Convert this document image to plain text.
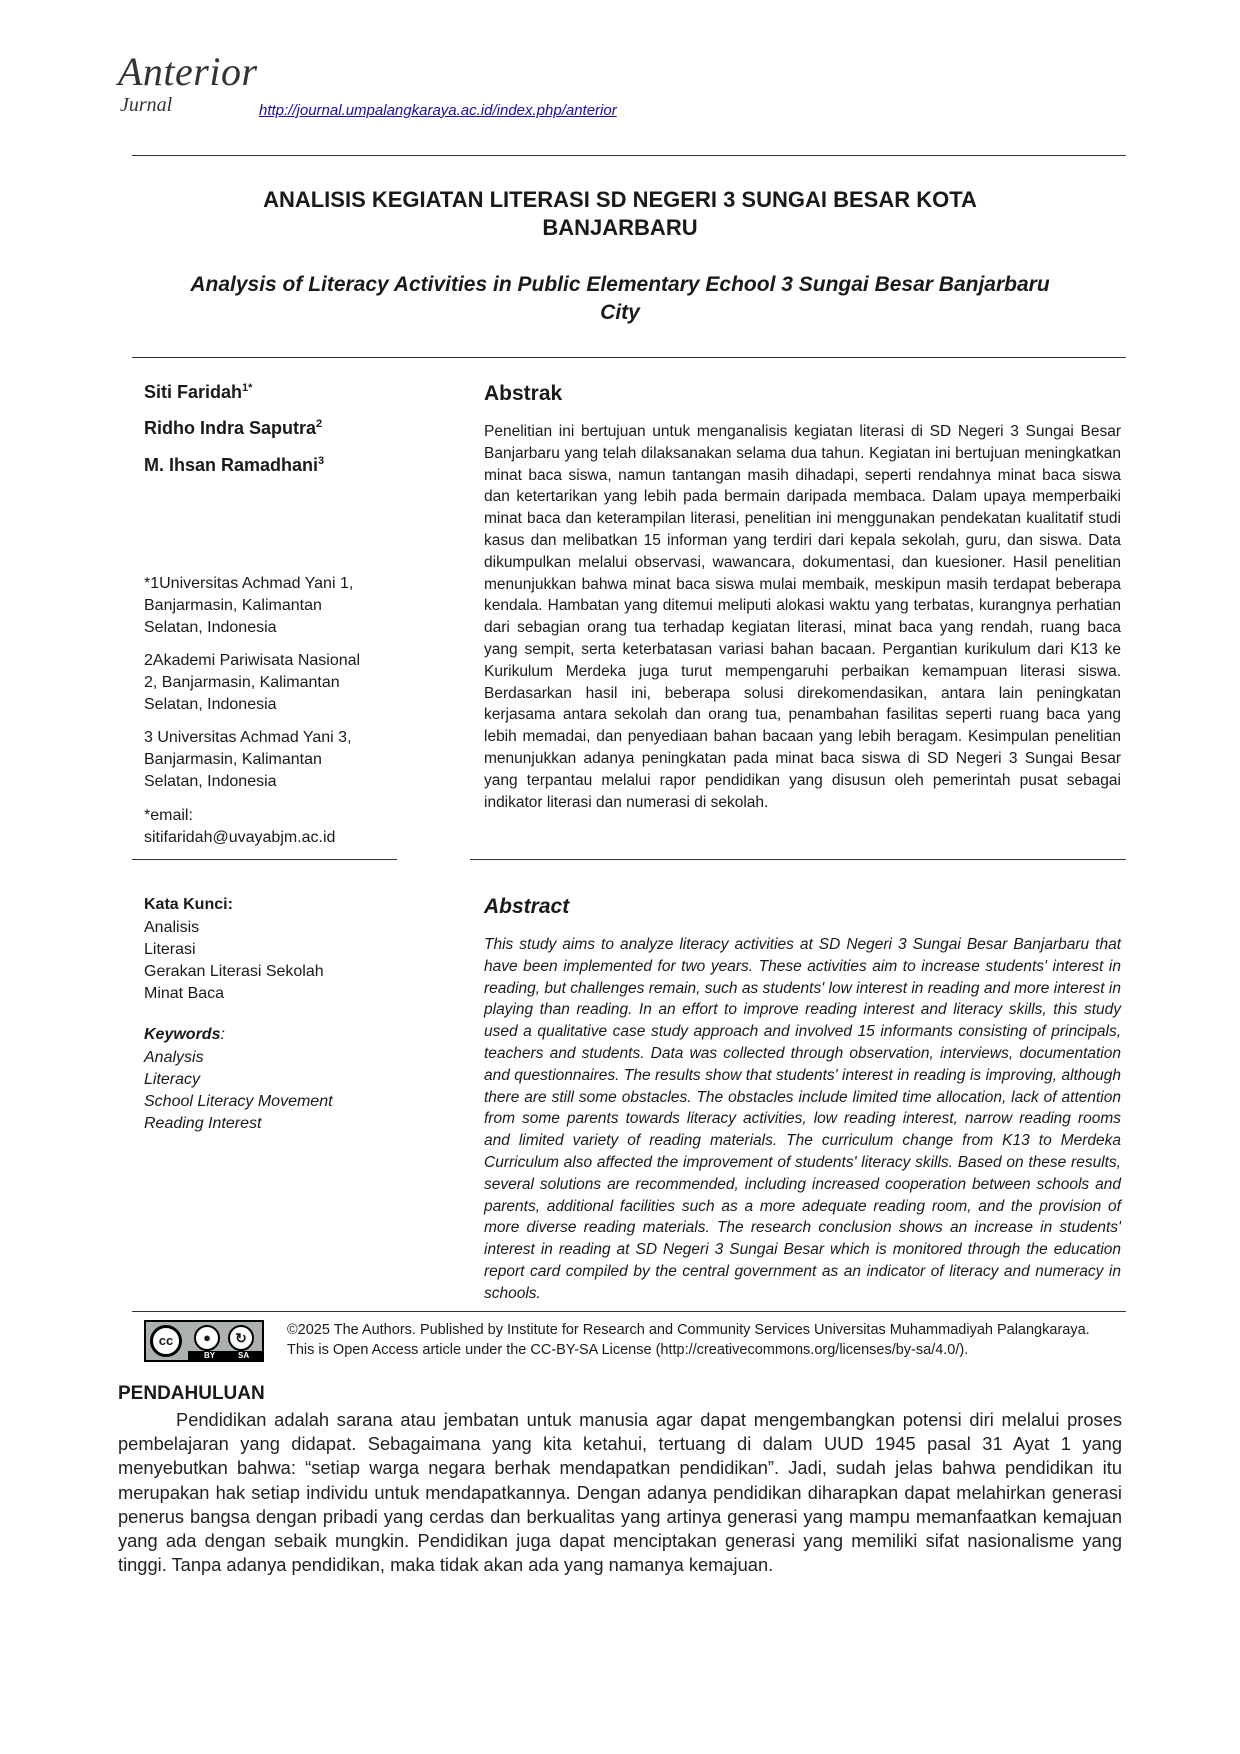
Anterior
Jurnal	http://journal.umpalangkaraya.ac.id/index.php/anterior
ANALISIS KEGIATAN LITERASI SD NEGERI 3 SUNGAI BESAR KOTA
BANJARBARU
Analysis of Literacy Activities in Public Elementary Echool 3 Sungai Besar Banjarbaru
City
Siti Faridah$^{1*}$
Ridho Indra Saputra$^2$
M. Ihsan Ramadhani$^3$
*1Universitas Achmad Yani 1,
Banjarmasin, Kalimantan
Selatan, Indonesia
2Akademi Pariwisata Nasional
2, Banjarmasin, Kalimantan
Selatan, Indonesia
3 Universitas Achmad Yani 3,
Banjarmasin, Kalimantan
Selatan, Indonesia
*email:
sitifaridah@uvayabjm.ac.id
Abstrak
Penelitian ini bertujuan untuk menganalisis kegiatan literasi di SD Negeri 3 Sungai Besar Banjarbaru yang telah dilaksanakan selama dua tahun. Kegiatan ini bertujuan meningkatkan minat baca siswa, namun tantangan masih dihadapi, seperti rendahnya minat baca siswa dan ketertarikan yang lebih pada bermain daripada membaca. Dalam upaya memperbaiki minat baca dan keterampilan literasi, penelitian ini menggunakan pendekatan kualitatif studi kasus dan melibatkan 15 informan yang terdiri dari kepala sekolah, guru, dan siswa. Data dikumpulkan melalui observasi, wawancara, dokumentasi, dan kuesioner. Hasil penelitian menunjukkan bahwa minat baca siswa mulai membaik, meskipun masih terdapat beberapa kendala. Hambatan yang ditemui meliputi alokasi waktu yang terbatas, kurangnya perhatian dari sebagian orang tua terhadap kegiatan literasi, minat baca yang rendah, ruang baca yang sempit, serta keterbatasan variasi bahan bacaan. Pergantian kurikulum dari K13 ke Kurikulum Merdeka juga turut mempengaruhi perbaikan kemampuan literasi siswa. Berdasarkan hasil ini, beberapa solusi direkomendasikan, antara lain peningkatan kerjasama antara sekolah dan orang tua, penambahan fasilitas seperti ruang baca yang lebih memadai, dan penyediaan bahan bacaan yang lebih beragam. Kesimpulan penelitian menunjukkan adanya peningkatan pada minat baca siswa di SD Negeri 3 Sungai Besar yang terpantau melalui rapor pendidikan yang disusun oleh pemerintah pusat sebagai indikator literasi dan numerasi di sekolah.
Abstract
This study aims to analyze literacy activities at SD Negeri 3 Sungai Besar Banjarbaru that have been implemented for two years. These activities aim to increase students' interest in reading, but challenges remain, such as students' low interest in reading and more interest in playing than reading. In an effort to improve reading interest and literacy skills, this study used a qualitative case study approach and involved 15 informants consisting of principals, teachers and students. Data was collected through observation, interviews, documentation and questionnaires. The results show that students' interest in reading is improving, although there are still some obstacles. The obstacles include limited time allocation, lack of attention from some parents towards literacy activities, low reading interest, narrow reading rooms and limited variety of reading materials. The curriculum change from K13 to Merdeka Curriculum also affected the improvement of students' literacy skills. Based on these results, several solutions are recommended, including increased cooperation between schools and parents, additional facilities such as a more adequate reading room, and the provision of more diverse reading materials. The research conclusion shows an increase in students' interest in reading at SD Negeri 3 Sungai Besar which is monitored through the education report card compiled by the central government as an indicator of literacy and numeracy in schools.
Kata Kunci:
Analisis
Literasi
Gerakan Literasi Sekolah
Minat Baca
Keywords:
Analysis
Literacy
School Literacy Movement
Reading Interest
cc	●	↻
BY	SA
©2025 The Authors. Published by Institute for Research and Community Services Universitas Muhammadiyah Palangkaraya.
This is Open Access article under the CC-BY-SA License (http://creativecommons.org/licenses/by-sa/4.0/).
PENDAHULUAN
Pendidikan adalah sarana atau jembatan untuk manusia agar dapat mengembangkan potensi diri melalui proses pembelajaran yang didapat. Sebagaimana yang kita ketahui, tertuang di dalam UUD 1945 pasal 31 Ayat 1 yang menyebutkan bahwa: “setiap warga negara berhak mendapatkan pendidikan”. Jadi, sudah jelas bahwa pendidikan itu merupakan hak setiap individu untuk mendapatkannya. Dengan adanya pendidikan diharapkan dapat melahirkan generasi penerus bangsa dengan pribadi yang cerdas dan berkualitas yang artinya generasi yang mampu memanfaatkan kemajuan yang ada dengan sebaik mungkin. Pendidikan juga dapat menciptakan generasi yang memiliki sifat nasionalisme yang tinggi. Tanpa adanya pendidikan, maka tidak akan ada yang namanya kemajuan.
